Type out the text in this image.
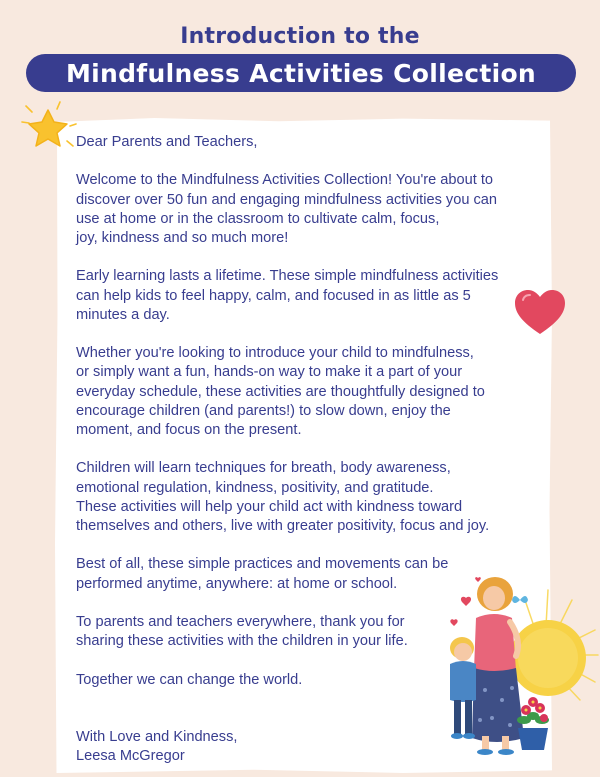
Introduction to the
Mindfulness Activities Collection

Dear Parents and Teachers,

Welcome to the Mindfulness Activities Collection! You're about to
discover over 50 fun and engaging mindfulness activities you can
use at home or in the classroom to cultivate calm, focus,
joy, kindness and so much more!

Early learning lasts a lifetime. These simple mindfulness activities
can help kids to feel happy, calm, and focused in as little as 5
minutes a day.

Whether you're looking to introduce your child to mindfulness,
or simply want a fun, hands-on way to make it a part of your
everyday schedule, these activities are thoughtfully designed to
encourage children (and parents!) to slow down, enjoy the
moment, and focus on the present.

Children will learn techniques for breath, body awareness,
emotional regulation, kindness, positivity, and gratitude.
These activities will help your child act with kindness toward
themselves and others, live with greater positivity, focus and joy.

Best of all, these simple practices and movements can be
performed anytime, anywhere: at home or school.

To parents and teachers everywhere, thank you for
sharing these activities with the children in your life.

Together we can change the world.

With Love and Kindness,

Leesa McGregor
